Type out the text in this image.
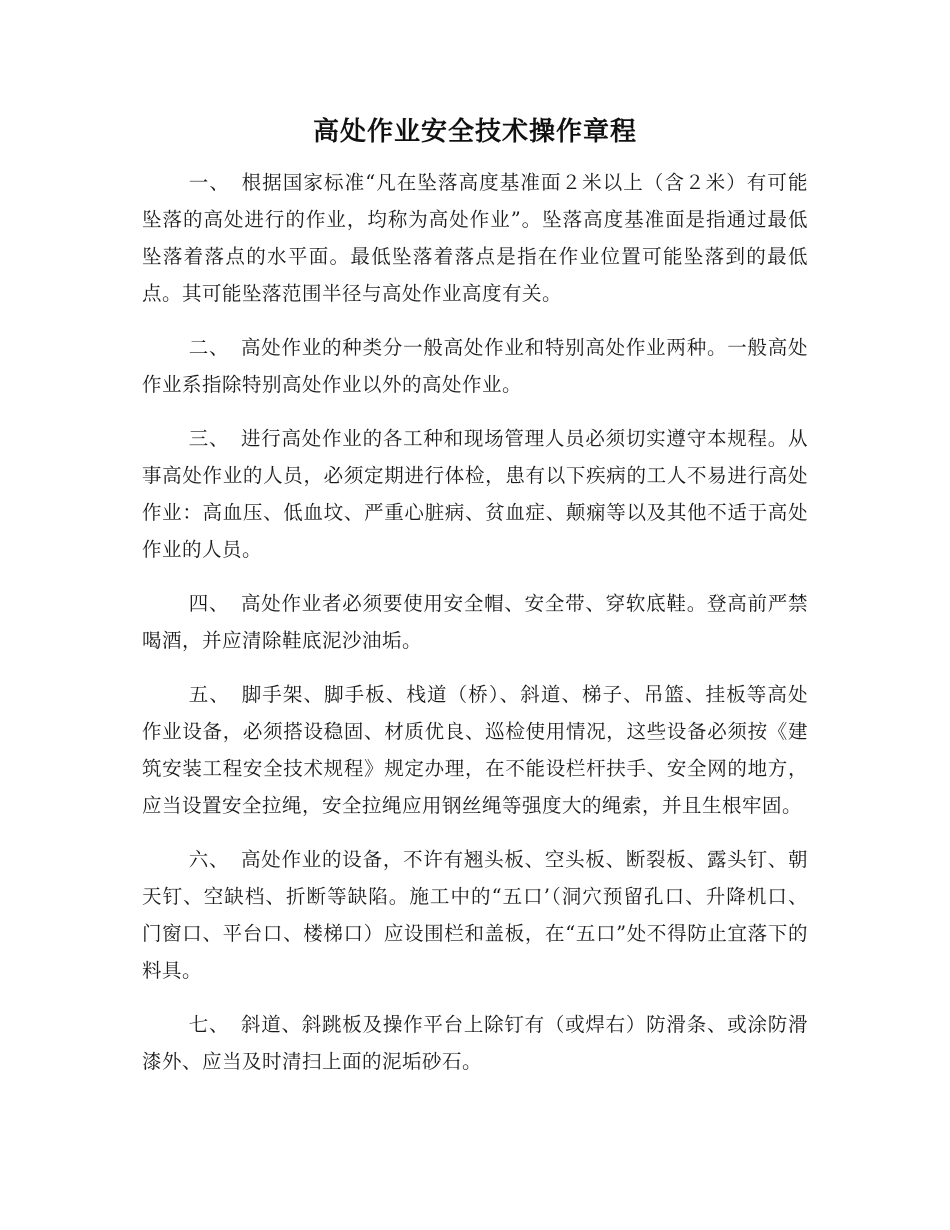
高处作业安全技术操作章程

一、 根据国家标准“凡在坠落高度基准面２米以上（含２米）有可能坠落的高处进行的作业，均称为高处作业”。坠落高度基准面是指通过最低坠落着落点的水平面。最低坠落着落点是指在作业位置可能坠落到的最低点。其可能坠落范围半径与高处作业高度有关。

二、 高处作业的种类分一般高处作业和特别高处作业两种。一般高处作业系指除特别高处作业以外的高处作业。

三、 进行高处作业的各工种和现场管理人员必须切实遵守本规程。从事高处作业的人员，必须定期进行体检，患有以下疾病的工人不易进行高处作业：高血压、低血坟、严重心脏病、贫血症、颠痫等以及其他不适于高处作业的人员。

四、 高处作业者必须要使用安全帽、安全带、穿软底鞋。登高前严禁喝酒，并应清除鞋底泥沙油垢。

五、 脚手架、脚手板、栈道（桥）、斜道、梯子、吊篮、挂板等高处作业设备，必须搭设稳固、材质优良、巡检使用情况，这些设备必须按《建筑安装工程安全技术规程》规定办理，在不能设栏杆扶手、安全网的地方，应当设置安全拉绳，安全拉绳应用钢丝绳等强度大的绳索，并且生根牢固。

六、 高处作业的设备，不许有翘头板、空头板、断裂板、露头钉、朝天钉、空缺档、折断等缺陷。施工中的“五口’（洞穴预留孔口、升降机口、门窗口、平台口、楼梯口）应设围栏和盖板，在“五口”处不得防止宜落下的料具。

七、 斜道、斜跳板及操作平台上除钉有（或焊右）防滑条、或涂防滑漆外、应当及时清扫上面的泥垢砂石。
